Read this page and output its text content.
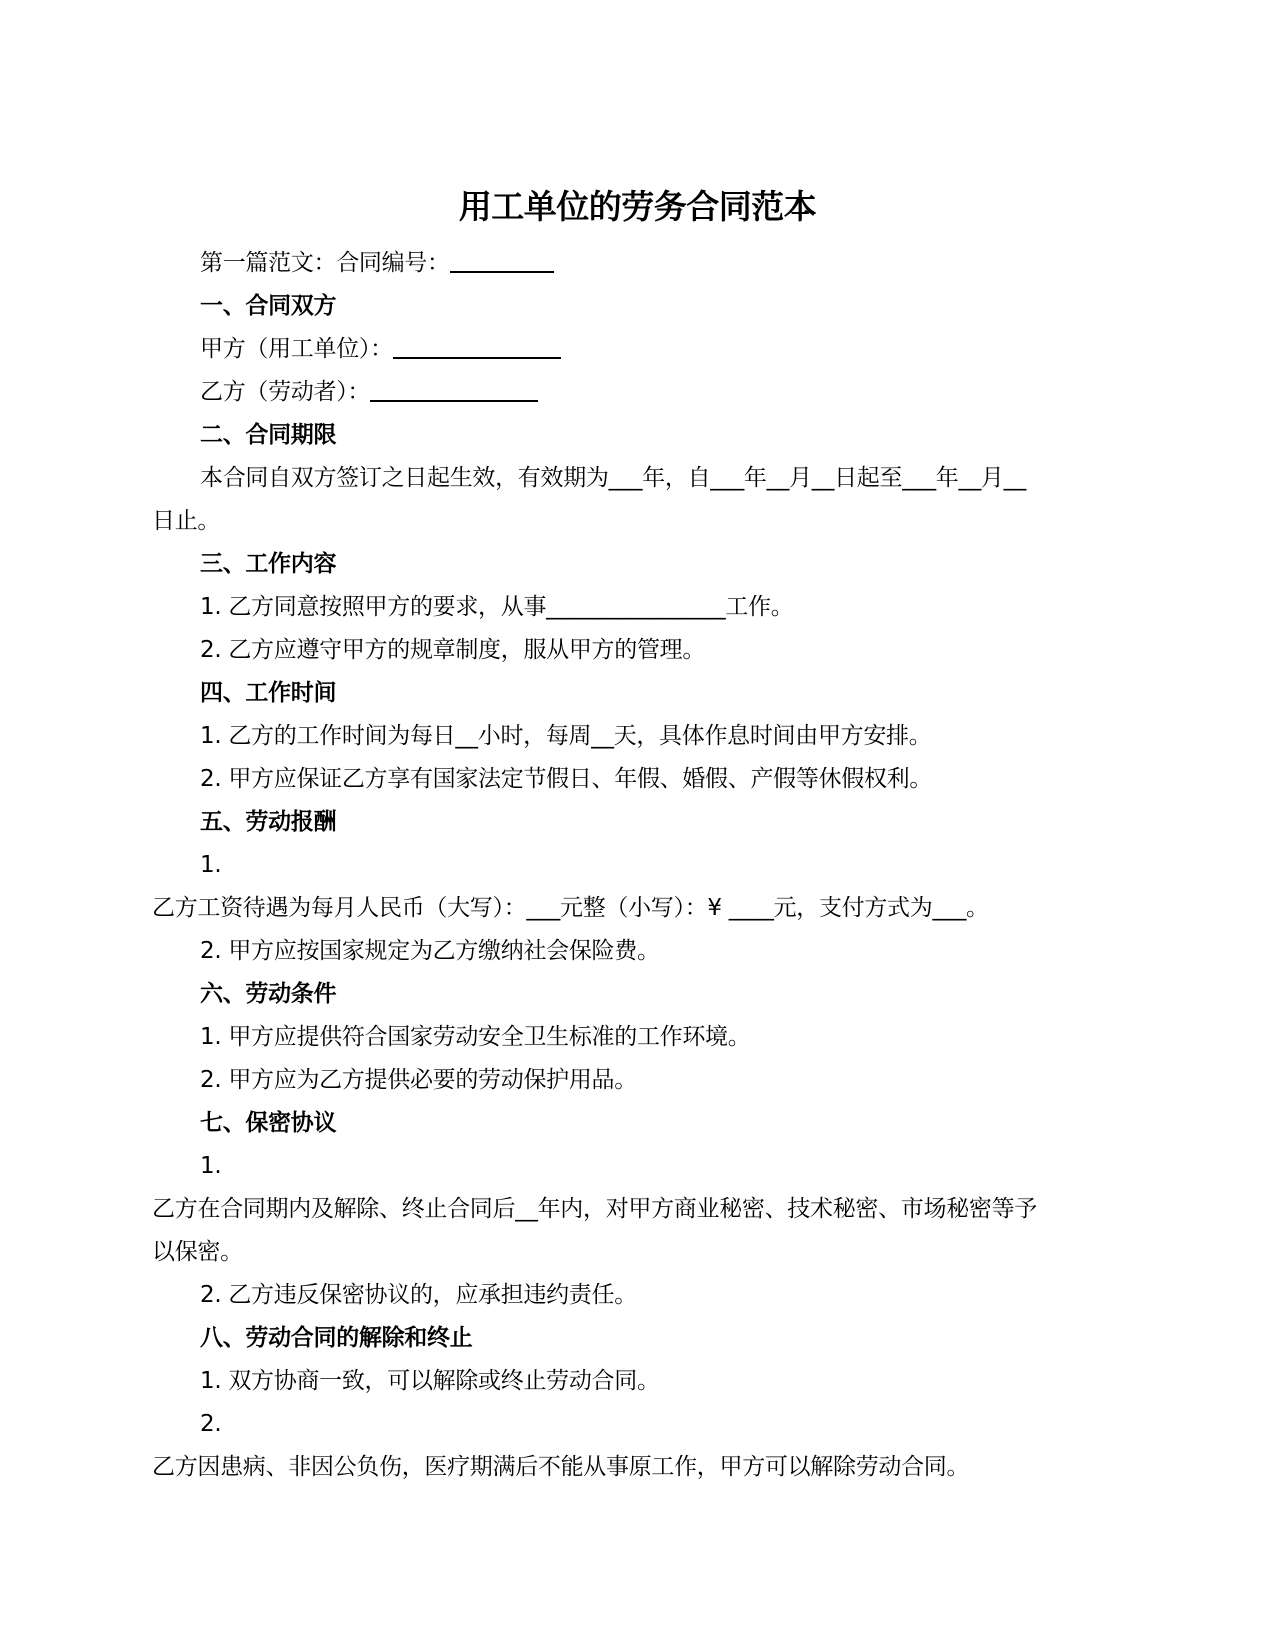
用工单位的劳务合同范本
第一篇范文：合同编号：
一、合同双方
甲方（用工单位）：
乙方（劳动者）：
二、合同期限
本合同自双方签订之日起生效，有效期为___年，自___年__月__日起至___年__月__
日止。
三、工作内容
1. 乙方同意按照甲方的要求，从事________________工作。
2. 乙方应遵守甲方的规章制度，服从甲方的管理。
四、工作时间
1. 乙方的工作时间为每日__小时，每周__天，具体作息时间由甲方安排。
2. 甲方应保证乙方享有国家法定节假日、年假、婚假、产假等休假权利。
五、劳动报酬
1.
乙方工资待遇为每月人民币（大写）：___元整（小写）：¥ ____元，支付方式为___。
2. 甲方应按国家规定为乙方缴纳社会保险费。
六、劳动条件
1. 甲方应提供符合国家劳动安全卫生标准的工作环境。
2. 甲方应为乙方提供必要的劳动保护用品。
七、保密协议
1.
乙方在合同期内及解除、终止合同后__年内，对甲方商业秘密、技术秘密、市场秘密等予
以保密。
2. 乙方违反保密协议的，应承担违约责任。
八、劳动合同的解除和终止
1. 双方协商一致，可以解除或终止劳动合同。
2.
乙方因患病、非因公负伤，医疗期满后不能从事原工作，甲方可以解除劳动合同。
